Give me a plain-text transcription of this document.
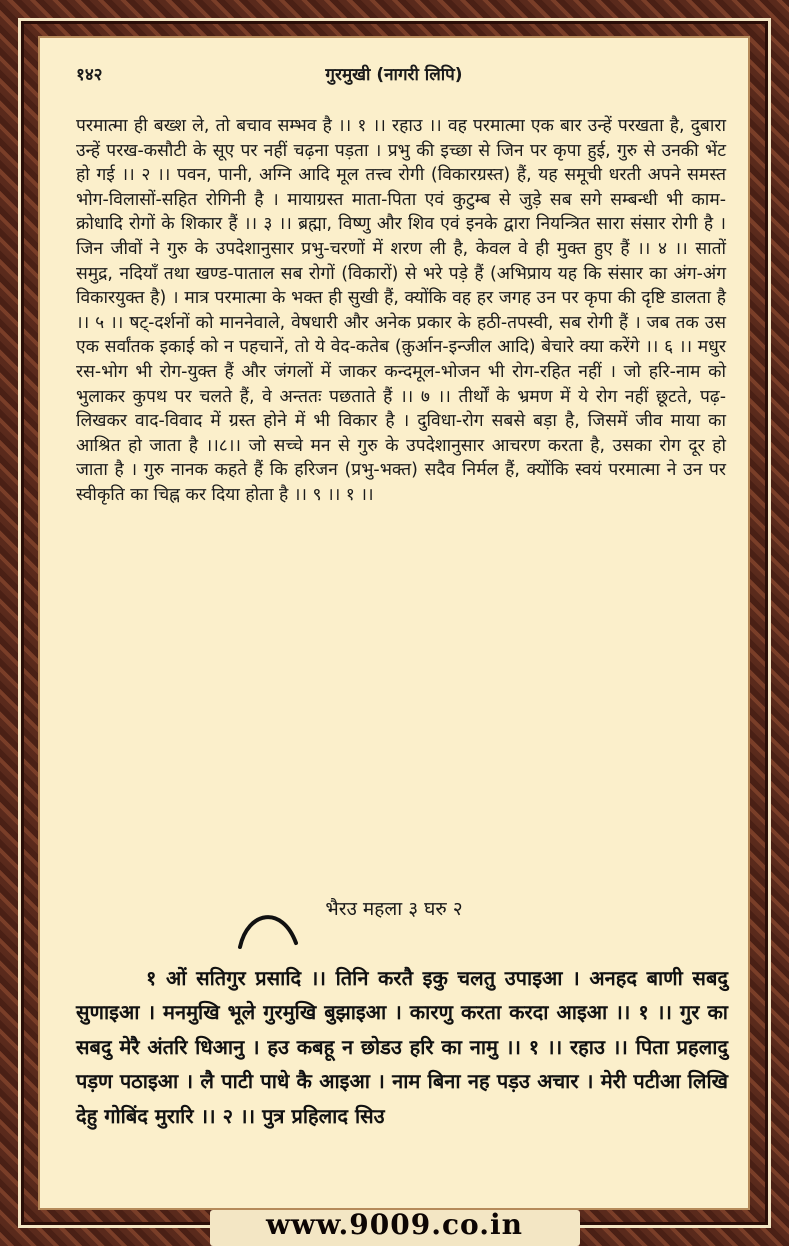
१४२	गुरमुखी (नागरी लिपि)

परमात्मा ही बख्श ले, तो बचाव सम्भव है ।। १ ।। रहाउ ।। वह परमात्मा एक बार उन्हें परखता है, दुबारा उन्हें परख-कसौटी के सूए पर नहीं चढ़ना पड़ता । प्रभु की इच्छा से जिन पर कृपा हुई, गुरु से उनकी भेंट हो गई ।। २ ।। पवन, पानी, अग्नि आदि मूल तत्त्व रोगी (विकारग्रस्त) हैं, यह समूची धरती अपने समस्त भोग-विलासों-सहित रोगिनी है । मायाग्रस्त माता-पिता एवं कुटुम्ब से जुड़े सब सगे सम्बन्धी भी काम-क्रोधादि रोगों के शिकार हैं ।। ३ ।। ब्रह्मा, विष्णु और शिव एवं इनके द्वारा नियन्त्रित सारा संसार रोगी है । जिन जीवों ने गुरु के उपदेशानुसार प्रभु-चरणों में शरण ली है, केवल वे ही मुक्त हुए हैं ।। ४ ।। सातों समुद्र, नदियाँ तथा खण्ड-पाताल सब रोगों (विकारों) से भरे पड़े हैं (अभिप्राय यह कि संसार का अंग-अंग विकारयुक्त है) । मात्र परमात्मा के भक्त ही सुखी हैं, क्योंकि वह हर जगह उन पर कृपा की दृष्टि डालता है ।। ५ ।। षट्-दर्शनों को माननेवाले, वेषधारी और अनेक प्रकार के हठी-तपस्वी, सब रोगी हैं । जब तक उस एक सर्वांतक इकाई को न पहचानें, तो ये वेद-कतेब (क़ुर्आन-इन्जील आदि) बेचारे क्या करेंगे ।। ६ ।। मधुर रस-भोग भी रोग-युक्त हैं और जंगलों में जाकर कन्दमूल-भोजन भी रोग-रहित नहीं । जो हरि-नाम को भुलाकर कुपथ पर चलते हैं, वे अन्ततः पछताते हैं ।। ७ ।। तीर्थों के भ्रमण में ये रोग नहीं छूटते, पढ़-लिखकर वाद-विवाद में ग्रस्त होने में भी विकार है । दुविधा-रोग सबसे बड़ा है, जिसमें जीव माया का आश्रित हो जाता है ।।८।। जो सच्चे मन से गुरु के उपदेशानुसार आचरण करता है, उसका रोग दूर हो जाता है । गुरु नानक कहते हैं कि हरिजन (प्रभु-भक्त) सदैव निर्मल हैं, क्योंकि स्वयं परमात्मा ने उन पर स्वीकृति का चिह्न कर दिया होता है ।। ९ ।। १ ।।

भैरउ महला ३ घरु २

१ ओं सतिगुर प्रसादि ।। तिनि करतै इकु चलतु उपाइआ । अनहद बाणी सबदु सुणाइआ । मनमुखि भूले गुरमुखि बुझाइआ । कारणु करता करदा आइआ ।। १ ।। गुर का सबदु मेरै अंतरि धिआनु । हउ कबहू न छोडउ हरि का नामु ।। १ ।। रहाउ ।। पिता प्रहलादु पड़ण पठाइआ । लै पाटी पाधे कै आइआ । नाम बिना नह पड़उ अचार । मेरी पटीआ लिखि देहु गोबिंद मुरारि ।। २ ।। पुत्र प्रहिलाद सिउ

www.9009.co.in
